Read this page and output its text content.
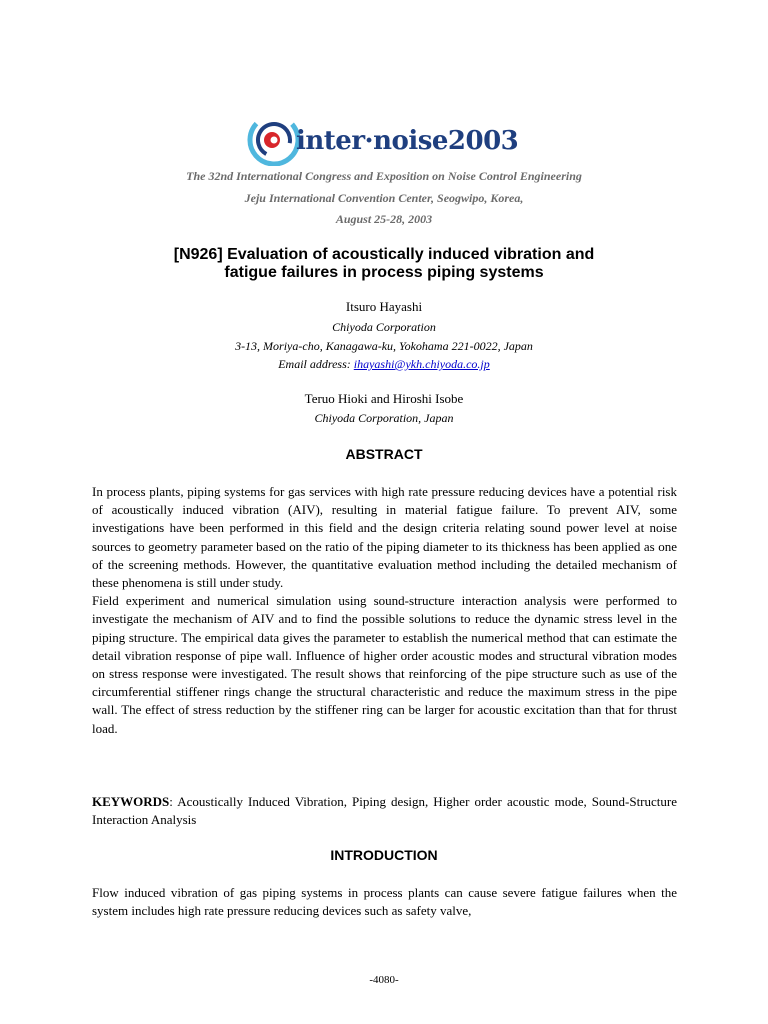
inter·noise2003
The 32nd International Congress and Exposition on Noise Control Engineering
Jeju International Convention Center, Seogwipo, Korea,
August 25-28, 2003
[N926] Evaluation of acoustically induced vibration and
fatigue failures in process piping systems
Itsuro Hayashi
Chiyoda Corporation
3-13, Moriya-cho, Kanagawa-ku, Yokohama 221-0022, Japan
Email address: ihayashi@ykh.chiyoda.co.jp
Teruo Hioki and Hiroshi Isobe
Chiyoda Corporation, Japan
ABSTRACT

In process plants, piping systems for gas services with high rate pressure reducing devices have a potential risk of acoustically induced vibration (AIV), resulting in material fatigue failure. To prevent AIV, some investigations have been performed in this field and the design criteria relating sound power level at noise sources to geometry parameter based on the ratio of the piping diameter to its thickness has been applied as one of the screening methods. However, the quantitative evaluation method including the detailed mechanism of these phenomena is still under study.

Field experiment and numerical simulation using sound-structure interaction analysis were performed to investigate the mechanism of AIV and to find the possible solutions to reduce the dynamic stress level in the piping structure. The empirical data gives the parameter to establish the numerical method that can estimate the detail vibration response of pipe wall. Influence of higher order acoustic modes and structural vibration modes on stress response were investigated. The result shows that reinforcing of the pipe structure such as use of the circumferential stiffener rings change the structural characteristic and reduce the maximum stress in the pipe wall. The effect of stress reduction by the stiffener ring can be larger for acoustic excitation than that for thrust load.

KEYWORDS: Acoustically Induced Vibration, Piping design, Higher order acoustic mode, Sound-Structure Interaction Analysis
INTRODUCTION

Flow induced vibration of gas piping systems in process plants can cause severe fatigue failures when the system includes high rate pressure reducing devices such as safety valve,

-4080-
